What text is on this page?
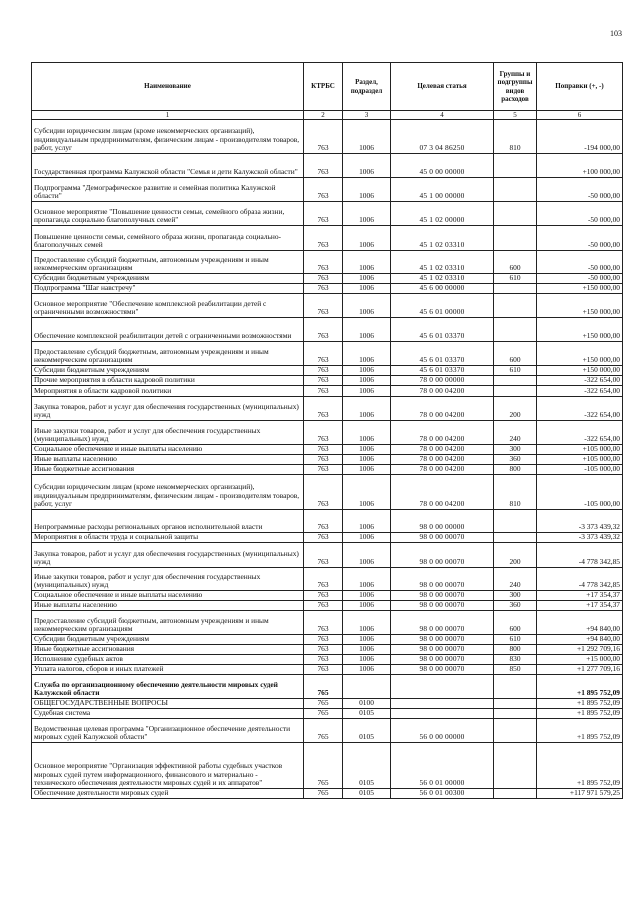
103
Наименование	КТРБС	Раздел, подраздел	Целевая статья	Группы и подгруппы видов расходов	Поправки (+, -)
1	2	3	4	5	6
Субсидии юридическим лицам (кроме некоммерческих организаций), индивидуальным предпринимателям, физическим лицам - производителям товаров, работ, услуг	763	1006	07 3 04 86250	810	-194 000,00
Государственная программа Калужской области "Семья и дети Калужской области"	763	1006	45 0 00 00000		+100 000,00
Подпрограмма "Демографическое развитие и семейная политика Калужской области"	763	1006	45 1 00 00000		-50 000,00
Основное мероприятие "Повышение ценности семьи, семейного образа жизни, пропаганда социально благополучных семей"	763	1006	45 1 02 00000		-50 000,00
Повышение ценности семьи, семейного образа жизни, пропаганда социально-благополучных семей	763	1006	45 1 02 03310		-50 000,00
Предоставление субсидий бюджетным, автономным учреждениям и иным некоммерческим организациям	763	1006	45 1 02 03310	600	-50 000,00
Субсидии бюджетным учреждениям	763	1006	45 1 02 03310	610	-50 000,00
Подпрограмма "Шаг навстречу"	763	1006	45 6 00 00000		+150 000,00
Основное мероприятие "Обеспечение комплексной реабилитации детей с ограниченными возможностями"	763	1006	45 6 01 00000		+150 000,00
Обеспечение комплексной реабилитации детей с ограниченными возможностями	763	1006	45 6 01 03370		+150 000,00
Предоставление субсидий бюджетным, автономным учреждениям и иным некоммерческим организациям	763	1006	45 6 01 03370	600	+150 000,00
Субсидии бюджетным учреждениям	763	1006	45 6 01 03370	610	+150 000,00
Прочие мероприятия в области кадровой политики	763	1006	78 0 00 00000		-322 654,00
Мероприятия в области кадровой политики	763	1006	78 0 00 04200		-322 654,00
Закупка товаров, работ и услуг для обеспечения государственных (муниципальных) нужд	763	1006	78 0 00 04200	200	-322 654,00
Иные закупки товаров, работ и услуг для обеспечения государственных (муниципальных) нужд	763	1006	78 0 00 04200	240	-322 654,00
Социальное обеспечение и иные выплаты населению	763	1006	78 0 00 04200	300	+105 000,00
Иные выплаты населению	763	1006	78 0 00 04200	360	+105 000,00
Иные бюджетные ассигнования	763	1006	78 0 00 04200	800	-105 000,00
Субсидии юридическим лицам (кроме некоммерческих организаций), индивидуальным предпринимателям, физическим лицам - производителям товаров, работ, услуг	763	1006	78 0 00 04200	810	-105 000,00
Непрограммные расходы региональных органов исполнительной власти	763	1006	98 0 00 00000		-3 373 439,32
Мероприятия в области труда и социальной защиты	763	1006	98 0 00 00070		-3 373 439,32
Закупка товаров, работ и услуг для обеспечения государственных (муниципальных) нужд	763	1006	98 0 00 00070	200	-4 778 342,85
Иные закупки товаров, работ и услуг для обеспечения государственных (муниципальных) нужд	763	1006	98 0 00 00070	240	-4 778 342,85
Социальное обеспечение и иные выплаты населению	763	1006	98 0 00 00070	300	+17 354,37
Иные выплаты населению	763	1006	98 0 00 00070	360	+17 354,37
Предоставление субсидий бюджетным, автономным учреждениям и иным некоммерческим организациям	763	1006	98 0 00 00070	600	+94 840,00
Субсидии бюджетным учреждениям	763	1006	98 0 00 00070	610	+94 840,00
Иные бюджетные ассигнования	763	1006	98 0 00 00070	800	+1 292 709,16
Исполнение судебных актов	763	1006	98 0 00 00070	830	+15 000,00
Уплата налогов, сборов и иных платежей	763	1006	98 0 00 00070	850	+1 277 709,16
Служба по организационному обеспечению деятельности мировых судей Калужской области	765				+1 895 752,09
ОБЩЕГОСУДАРСТВЕННЫЕ ВОПРОСЫ	765	0100			+1 895 752,09
Судебная система	765	0105			+1 895 752,09
Ведомственная целевая программа "Организационное обеспечение деятельности мировых судей Калужской области"	765	0105	56 0 00 00000		+1 895 752,09
Основное мероприятие "Организация эффективной работы судебных участков мировых судей путем информационного, финансового и материально - технического обеспечения деятельности мировых судей и их аппаратов"	765	0105	56 0 01 00000		+1 895 752,09
Обеспечение деятельности мировых судей	765	0105	56 0 01 00300		+117 971 579,25
